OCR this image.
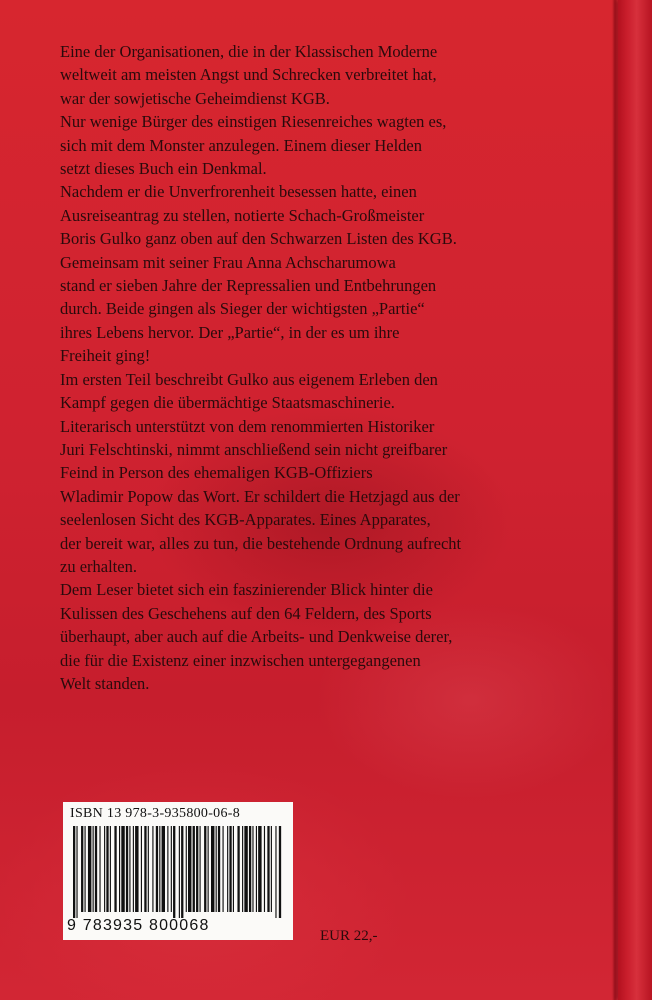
Eine der Organisationen, die in der Klassischen Moderne
weltweit am meisten Angst und Schrecken verbreitet hat,
war der sowjetische Geheimdienst KGB.
Nur wenige Bürger des einstigen Riesenreiches wagten es,
sich mit dem Monster anzulegen. Einem dieser Helden
setzt dieses Buch ein Denkmal.
Nachdem er die Unverfrorenheit besessen hatte, einen
Ausreiseantrag zu stellen, notierte Schach-Großmeister
Boris Gulko ganz oben auf den Schwarzen Listen des KGB.
Gemeinsam mit seiner Frau Anna Achscharumowa
stand er sieben Jahre der Repressalien und Entbehrungen
durch. Beide gingen als Sieger der wichtigsten „Partie“
ihres Lebens hervor. Der „Partie“, in der es um ihre
Freiheit ging!
Im ersten Teil beschreibt Gulko aus eigenem Erleben den
Kampf gegen die übermächtige Staatsmaschinerie.
Literarisch unterstützt von dem renommierten Historiker
Juri Felschtinski, nimmt anschließend sein nicht greifbarer
Feind in Person des ehemaligen KGB-Offiziers
Wladimir Popow das Wort. Er schildert die Hetzjagd aus der
seelenlosen Sicht des KGB-Apparates. Eines Apparates,
der bereit war, alles zu tun, die bestehende Ordnung aufrecht
zu erhalten.
Dem Leser bietet sich ein faszinierender Blick hinter die
Kulissen des Geschehens auf den 64 Feldern, des Sports
überhaupt, aber auch auf die Arbeits- und Denkweise derer,
die für die Existenz einer inzwischen untergegangenen
Welt standen.
ISBN 13 978-3-935800-06-8
9 783935 800068
EUR 22,-
